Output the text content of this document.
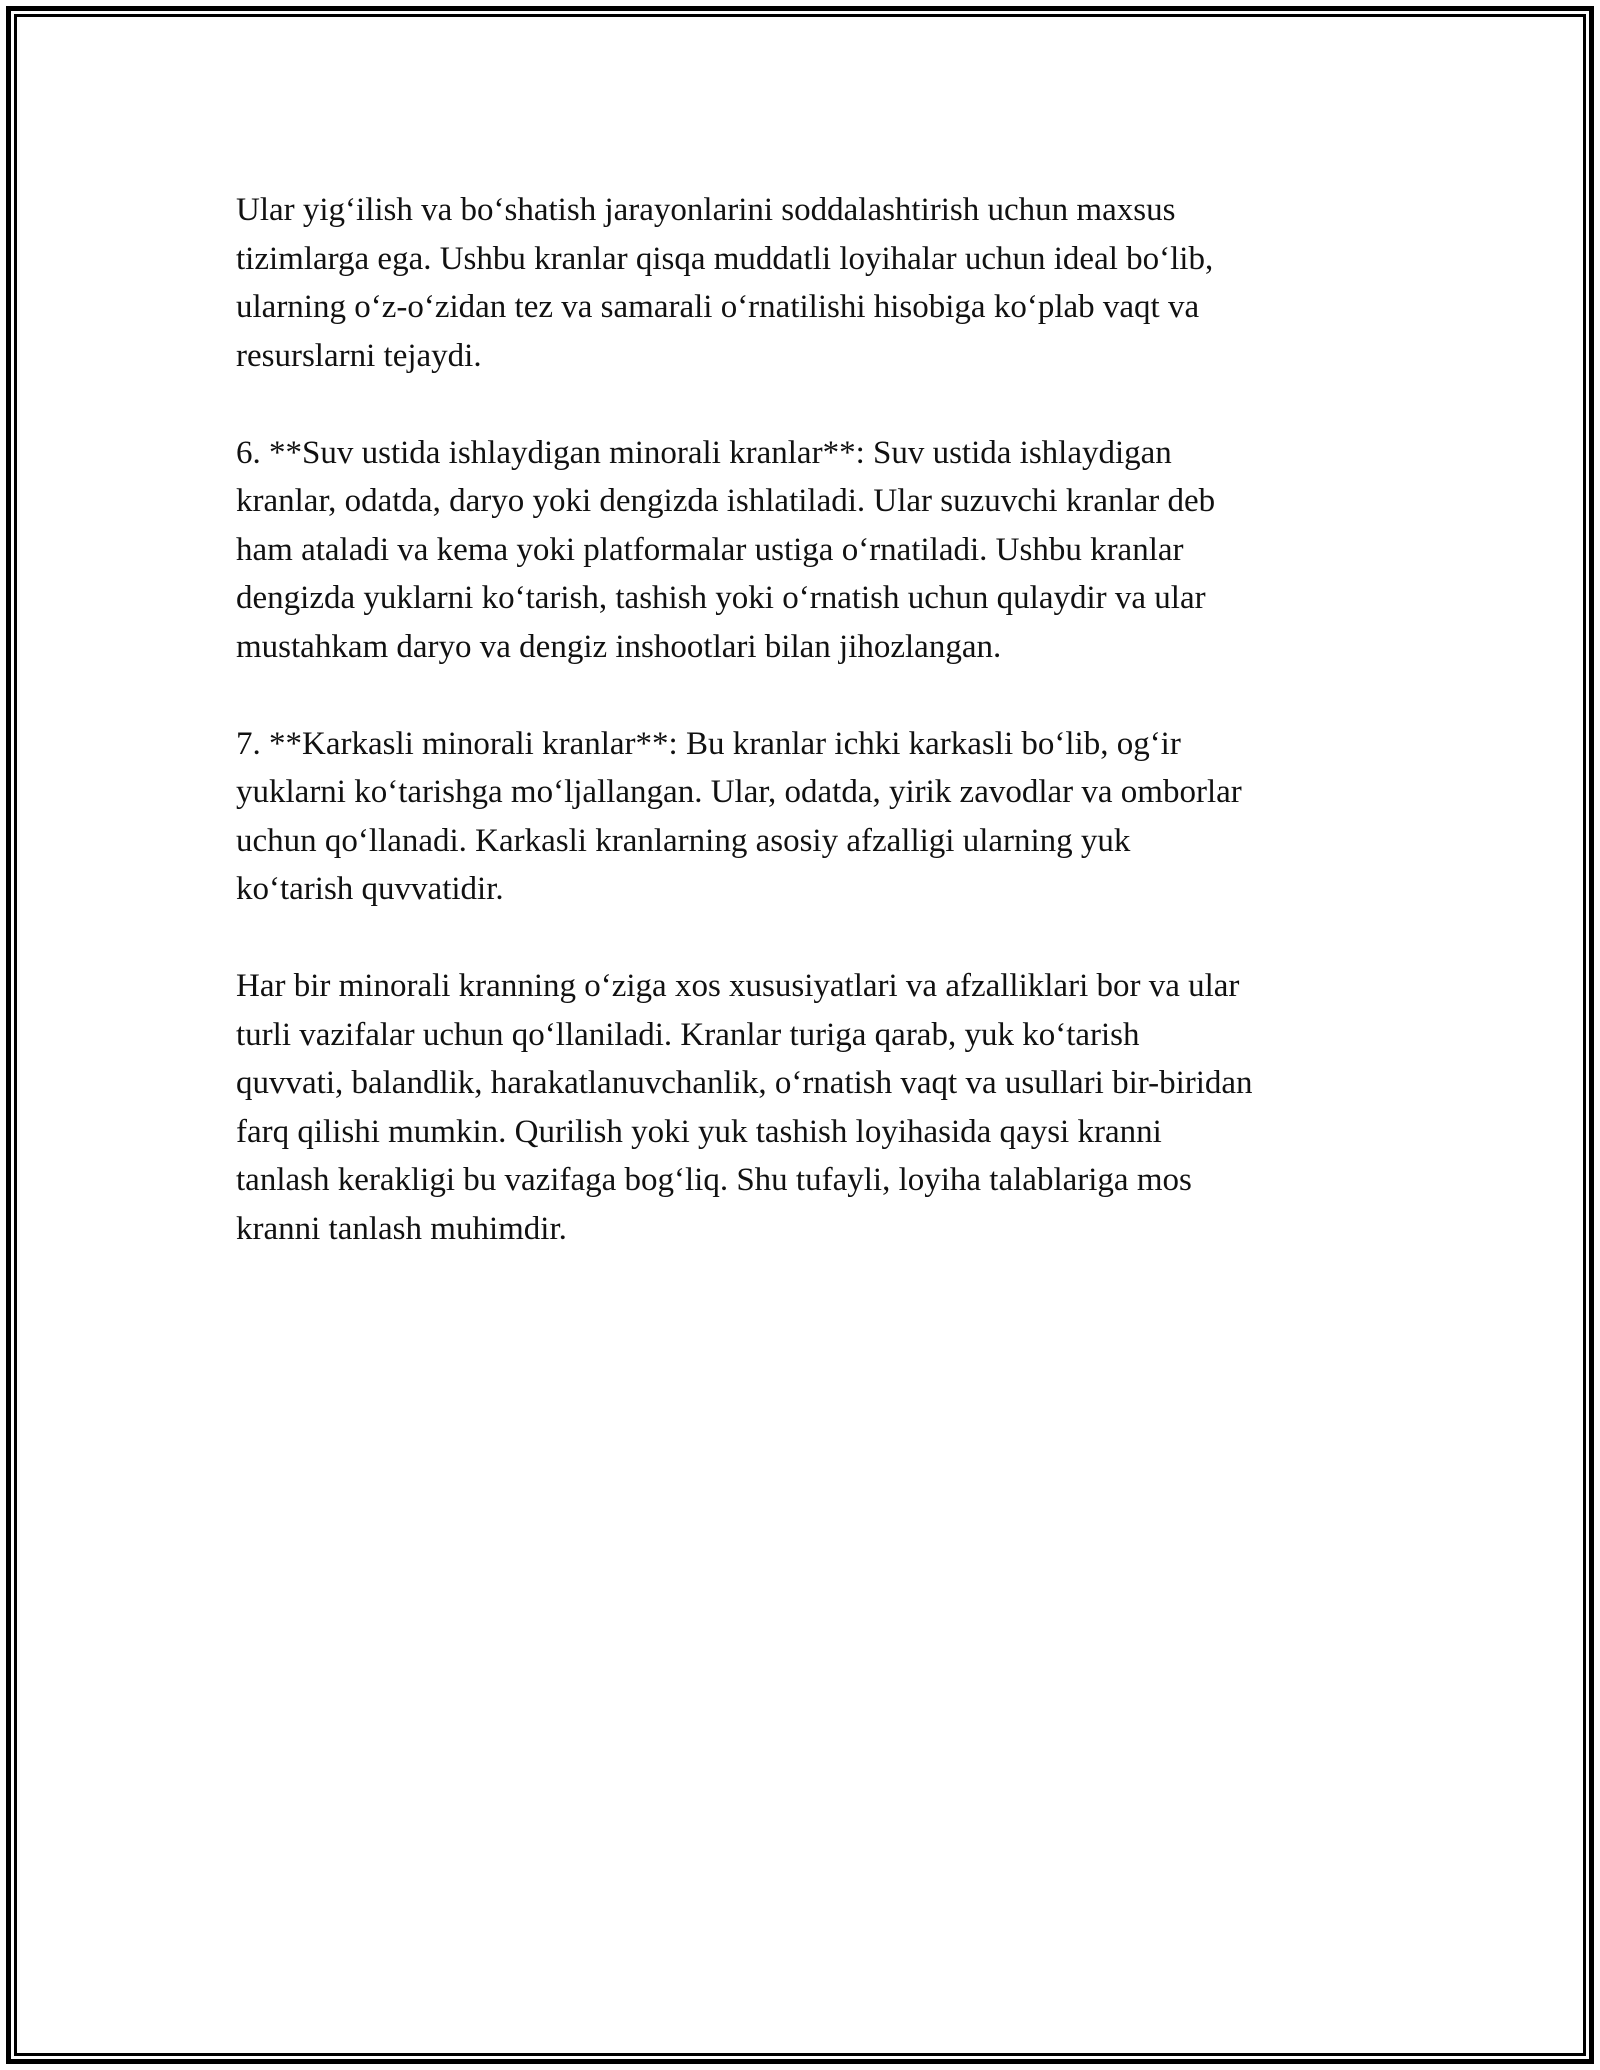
Ular yig‘ilish va bo‘shatish jarayonlarini soddalashtirish uchun maxsus
tizimlarga ega. Ushbu kranlar qisqa muddatli loyihalar uchun ideal bo‘lib,
ularning o‘z-o‘zidan tez va samarali o‘rnatilishi hisobiga ko‘plab vaqt va
resurslarni tejaydi.

6. **Suv ustida ishlaydigan minorali kranlar**: Suv ustida ishlaydigan
kranlar, odatda, daryo yoki dengizda ishlatiladi. Ular suzuvchi kranlar deb
ham ataladi va kema yoki platformalar ustiga o‘rnatiladi. Ushbu kranlar
dengizda yuklarni ko‘tarish, tashish yoki o‘rnatish uchun qulaydir va ular
mustahkam daryo va dengiz inshootlari bilan jihozlangan.

7. **Karkasli minorali kranlar**: Bu kranlar ichki karkasli bo‘lib, og‘ir
yuklarni ko‘tarishga mo‘ljallangan. Ular, odatda, yirik zavodlar va omborlar
uchun qo‘llanadi. Karkasli kranlarning asosiy afzalligi ularning yuk
ko‘tarish quvvatidir.

Har bir minorali kranning o‘ziga xos xususiyatlari va afzalliklari bor va ular
turli vazifalar uchun qo‘llaniladi. Kranlar turiga qarab, yuk ko‘tarish
quvvati, balandlik, harakatlanuvchanlik, o‘rnatish vaqt va usullari bir-biridan
farq qilishi mumkin. Qurilish yoki yuk tashish loyihasida qaysi kranni
tanlash kerakligi bu vazifaga bog‘liq. Shu tufayli, loyiha talablariga mos
kranni tanlash muhimdir.
